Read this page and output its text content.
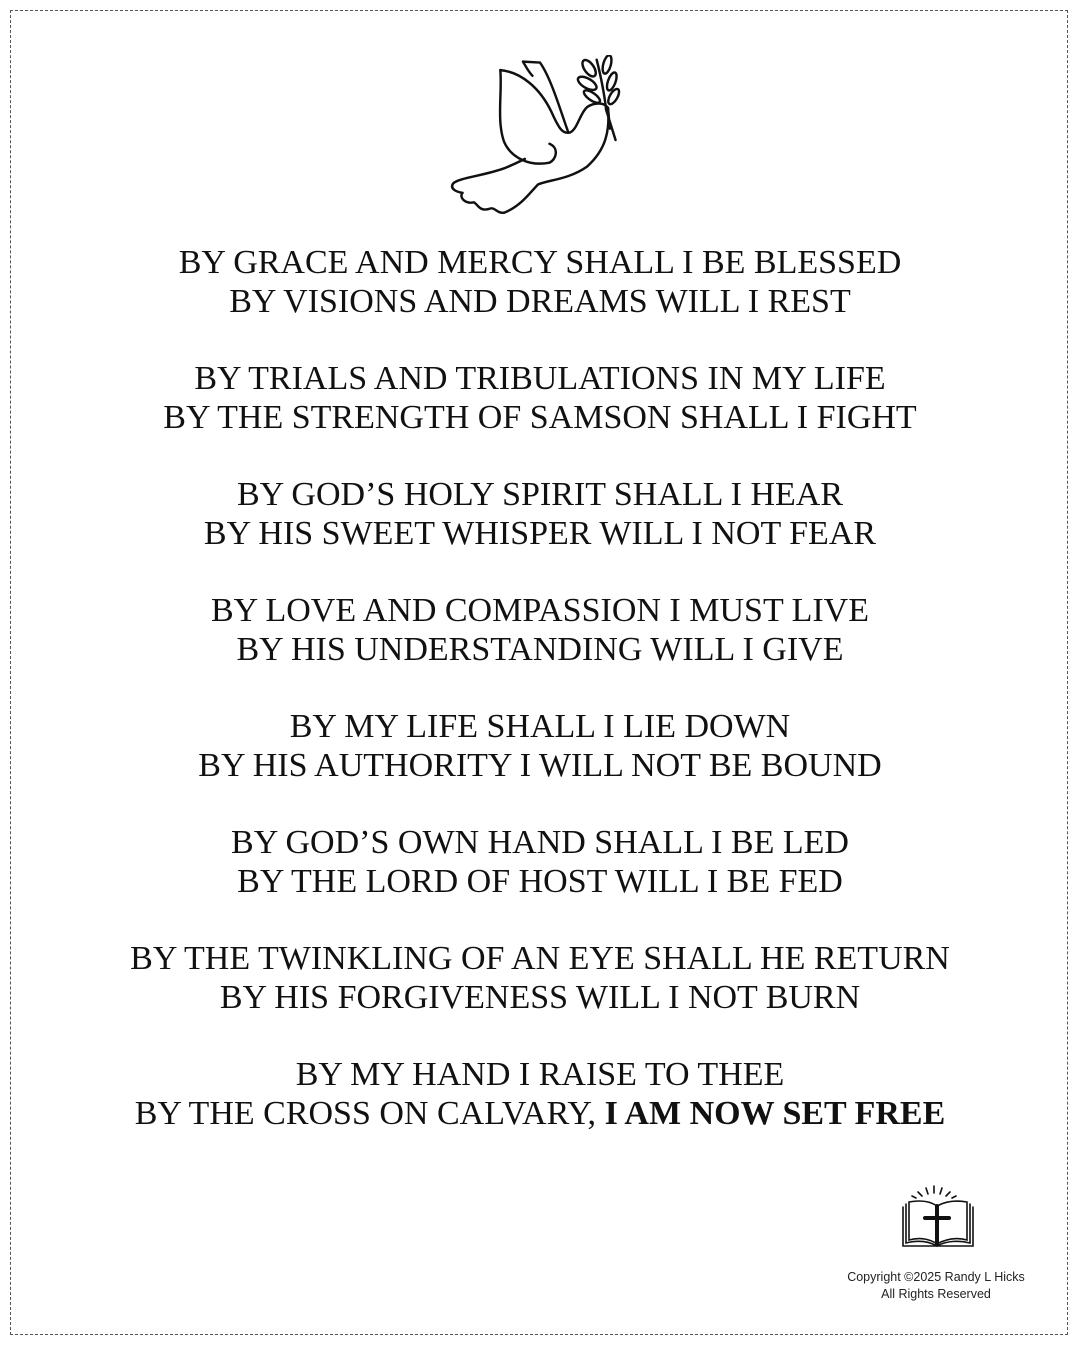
BY GRACE AND MERCY SHALL I BE BLESSED
BY VISIONS AND DREAMS WILL I REST
BY TRIALS AND TRIBULATIONS IN MY LIFE
BY THE STRENGTH OF SAMSON SHALL I FIGHT
BY GOD’S HOLY SPIRIT SHALL I HEAR
BY HIS SWEET WHISPER WILL I NOT FEAR
BY LOVE AND COMPASSION I MUST LIVE
BY HIS UNDERSTANDING WILL I GIVE
BY MY LIFE SHALL I LIE DOWN
BY HIS AUTHORITY I WILL NOT BE BOUND
BY GOD’S OWN HAND SHALL I BE LED
BY THE LORD OF HOST WILL I BE FED
BY THE TWINKLING OF AN EYE SHALL HE RETURN
BY HIS FORGIVENESS WILL I NOT BURN
BY MY HAND I RAISE TO THEE
BY THE CROSS ON CALVARY, I AM NOW SET FREE
Copyright ©2025 Randy L Hicks
All Rights Reserved
